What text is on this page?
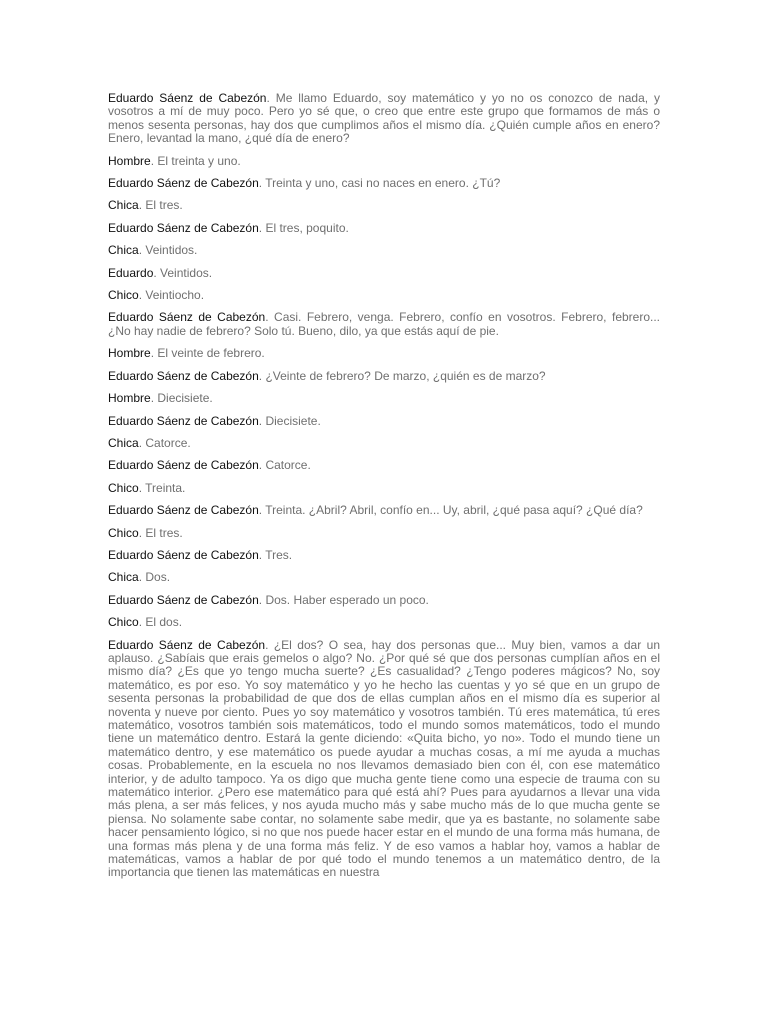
Eduardo Sáenz de Cabezón. Me llamo Eduardo, soy matemático y yo no os conozco de nada, y vosotros a mí de muy poco. Pero yo sé que, o creo que entre este grupo que formamos de más o menos sesenta personas, hay dos que cumplimos años el mismo día. ¿Quién cumple años en enero? Enero, levantad la mano, ¿qué día de enero?

Hombre. El treinta y uno.

Eduardo Sáenz de Cabezón. Treinta y uno, casi no naces en enero. ¿Tú?

Chica. El tres.

Eduardo Sáenz de Cabezón. El tres, poquito.

Chica. Veintidos.

Eduardo. Veintidos.

Chico. Veintiocho.

Eduardo Sáenz de Cabezón. Casi. Febrero, venga. Febrero, confío en vosotros. Febrero, febrero... ¿No hay nadie de febrero? Solo tú. Bueno, dilo, ya que estás aquí de pie.

Hombre. El veinte de febrero.

Eduardo Sáenz de Cabezón. ¿Veinte de febrero? De marzo, ¿quién es de marzo?

Hombre. Diecisiete.

Eduardo Sáenz de Cabezón. Diecisiete.

Chica. Catorce.

Eduardo Sáenz de Cabezón. Catorce.

Chico. Treinta.

Eduardo Sáenz de Cabezón. Treinta. ¿Abril? Abril, confío en... Uy, abril, ¿qué pasa aquí? ¿Qué día?

Chico. El tres.

Eduardo Sáenz de Cabezón. Tres.

Chica. Dos.

Eduardo Sáenz de Cabezón. Dos. Haber esperado un poco.

Chico. El dos.

Eduardo Sáenz de Cabezón. ¿El dos? O sea, hay dos personas que... Muy bien, vamos a dar un aplauso. ¿Sabíais que erais gemelos o algo? No. ¿Por qué sé que dos personas cumplían años en el mismo día? ¿Es que yo tengo mucha suerte? ¿Es casualidad? ¿Tengo poderes mágicos? No, soy matemático, es por eso. Yo soy matemático y yo he hecho las cuentas y yo sé que en un grupo de sesenta personas la probabilidad de que dos de ellas cumplan años en el mismo día es superior al noventa y nueve por ciento. Pues yo soy matemático y vosotros también. Tú eres matemática, tú eres matemático, vosotros también sois matemáticos, todo el mundo somos matemáticos, todo el mundo tiene un matemático dentro. Estará la gente diciendo: «Quita bicho, yo no». Todo el mundo tiene un matemático dentro, y ese matemático os puede ayudar a muchas cosas, a mí me ayuda a muchas cosas. Probablemente, en la escuela no nos llevamos demasiado bien con él, con ese matemático interior, y de adulto tampoco. Ya os digo que mucha gente tiene como una especie de trauma con su matemático interior. ¿Pero ese matemático para qué está ahí? Pues para ayudarnos a llevar una vida más plena, a ser más felices, y nos ayuda mucho más y sabe mucho más de lo que mucha gente se piensa. No solamente sabe contar, no solamente sabe medir, que ya es bastante, no solamente sabe hacer pensamiento lógico, si no que nos puede hacer estar en el mundo de una forma más humana, de una formas más plena y de una forma más feliz. Y de eso vamos a hablar hoy, vamos a hablar de matemáticas, vamos a hablar de por qué todo el mundo tenemos a un matemático dentro, de la importancia que tienen las matemáticas en nuestra
